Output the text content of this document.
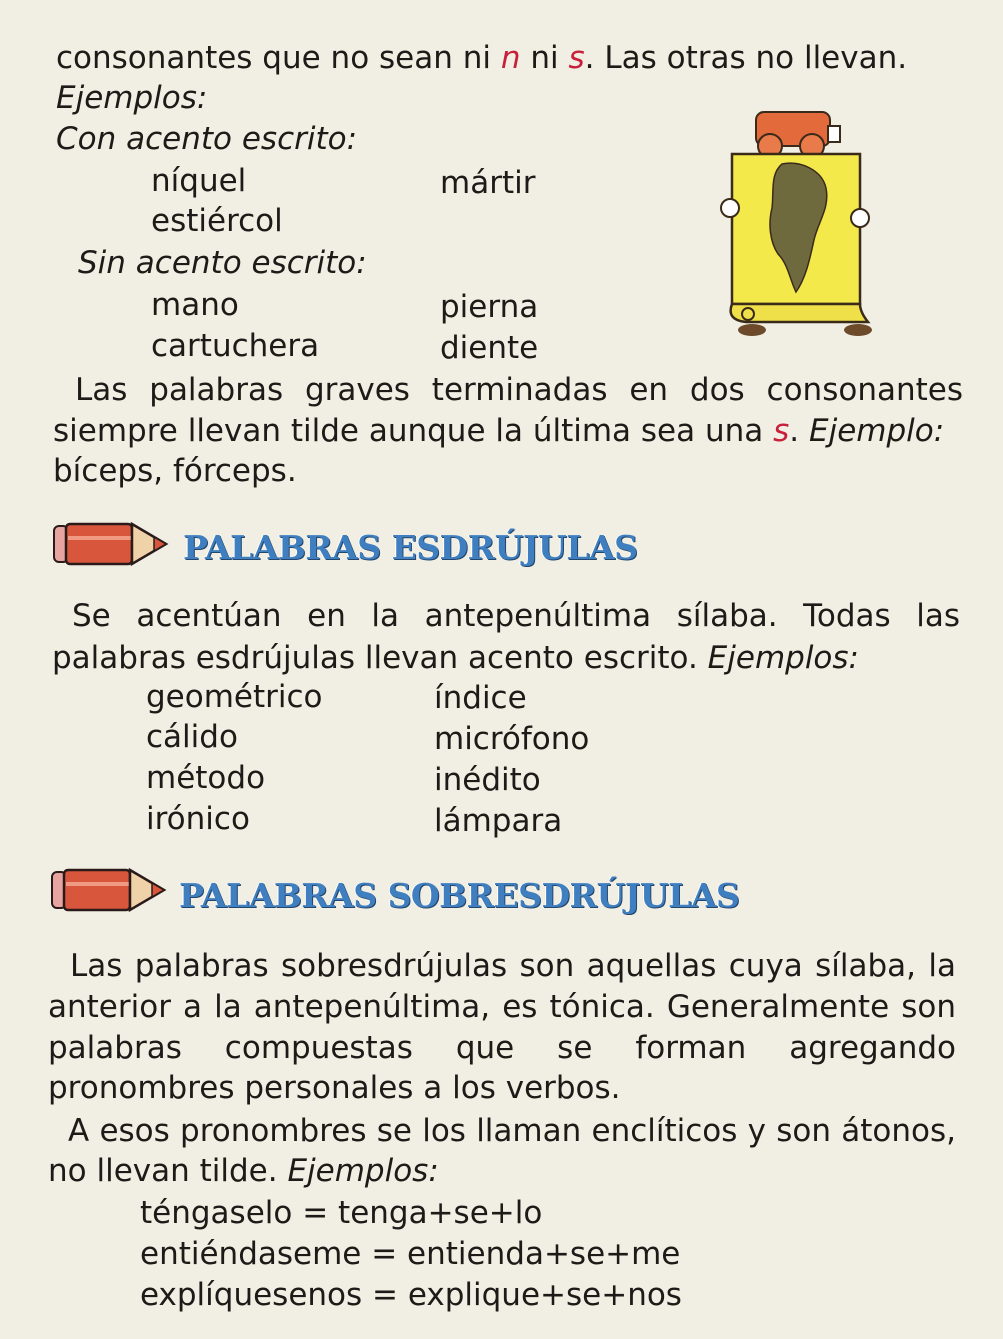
consonantes que no sean ni n ni s. Las otras no llevan.
Ejemplos:
Con acento escrito:
níquel	mártir
estiércol
Sin acento escrito:
mano	pierna
cartuchera	diente
Las palabras graves terminadas en dos consonantes
siempre llevan tilde aunque la última sea una s. Ejemplo:
bíceps, fórceps.
PALABRAS ESDRÚJULAS
Se acentúan en la antepenúltima sílaba. Todas las
palabras esdrújulas llevan acento escrito. Ejemplos:
geométrico	índice
cálido	micrófono
método	inédito
irónico	lámpara
PALABRAS SOBRESDRÚJULAS
Las palabras sobresdrújulas son aquellas cuya sílaba, la
anterior a la antepenúltima, es tónica. Generalmente son
palabras compuestas que se forman agregando
pronombres personales a los verbos.
A esos pronombres se los llaman enclíticos y son átonos,
no llevan tilde. Ejemplos:
téngaselo = tenga+se+lo
entiéndaseme = entienda+se+me
explíquesenos = explique+se+nos
